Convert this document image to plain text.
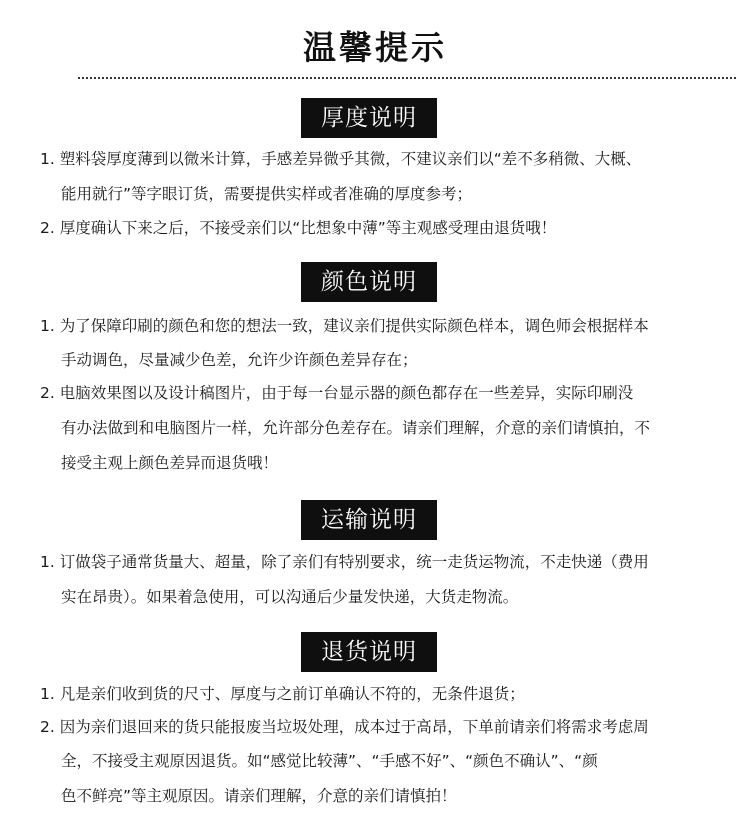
温馨提示
厚度说明
1. 塑料袋厚度薄到以微米计算，手感差异微乎其微，不建议亲们以“差不多稍微、大概、
能用就行”等字眼订货，需要提供实样或者准确的厚度参考；
2. 厚度确认下来之后，不接受亲们以“比想象中薄”等主观感受理由退货哦！
颜色说明
1. 为了保障印刷的颜色和您的想法一致，建议亲们提供实际颜色样本，调色师会根据样本
手动调色，尽量减少色差，允许少许颜色差异存在；
2. 电脑效果图以及设计稿图片，由于每一台显示器的颜色都存在一些差异，实际印刷没
有办法做到和电脑图片一样，允许部分色差存在。请亲们理解，介意的亲们请慎拍，不
接受主观上颜色差异而退货哦！
运输说明
1. 订做袋子通常货量大、超量，除了亲们有特别要求，统一走货运物流，不走快递（费用
实在昂贵）。如果着急使用，可以沟通后少量发快递，大货走物流。
退货说明
1. 凡是亲们收到货的尺寸、厚度与之前订单确认不符的，无条件退货；
2. 因为亲们退回来的货只能报废当垃圾处理，成本过于高昂，下单前请亲们将需求考虑周
全，不接受主观原因退货。如“感觉比较薄”、“手感不好”、“颜色不确认”、“颜
色不鲜亮”等主观原因。请亲们理解，介意的亲们请慎拍！
